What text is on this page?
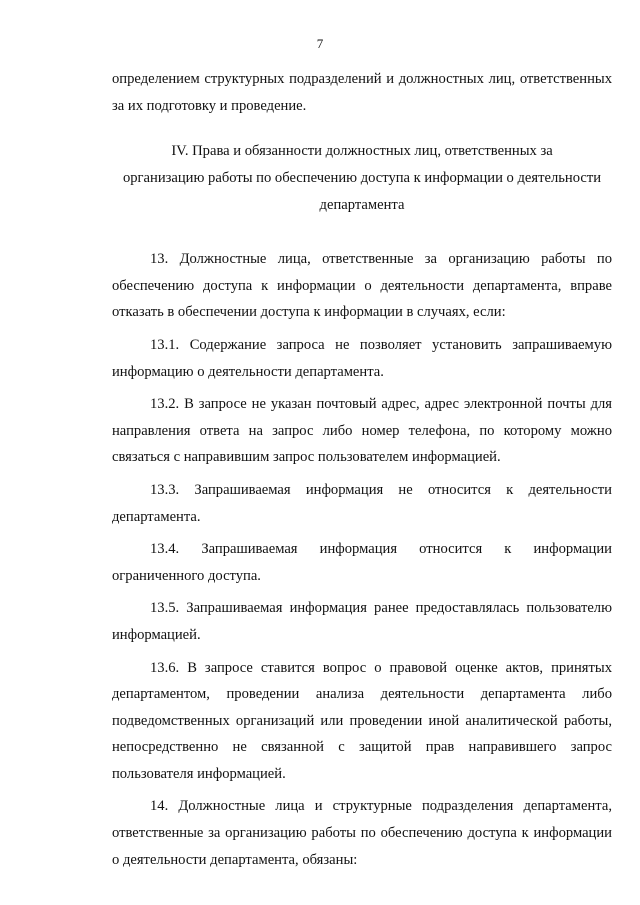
7

определением структурных подразделений и должностных лиц, ответственных за их подготовку и проведение.

IV. Права и обязанности должностных лиц, ответственных за
организацию работы по обеспечению доступа к информации о деятельности
департамента

13. Должностные лица, ответственные за организацию работы по обеспечению доступа к информации о деятельности департамента, вправе отказать в обеспечении доступа к информации в случаях, если:

13.1. Содержание запроса не позволяет установить запрашиваемую информацию о деятельности департамента.

13.2. В запросе не указан почтовый адрес, адрес электронной почты для направления ответа на запрос либо номер телефона, по которому можно связаться с направившим запрос пользователем информацией.

13.3. Запрашиваемая информация не относится к деятельности департамента.

13.4. Запрашиваемая информация относится к информации ограниченного доступа.

13.5. Запрашиваемая информация ранее предоставлялась пользователю информацией.

13.6. В запросе ставится вопрос о правовой оценке актов, принятых департаментом, проведении анализа деятельности департамента либо подведомственных организаций или проведении иной аналитической работы, непосредственно не связанной с защитой прав направившего запрос пользователя информацией.

14. Должностные лица и структурные подразделения департамента, ответственные за организацию работы по обеспечению доступа к информации о деятельности департамента, обязаны:
